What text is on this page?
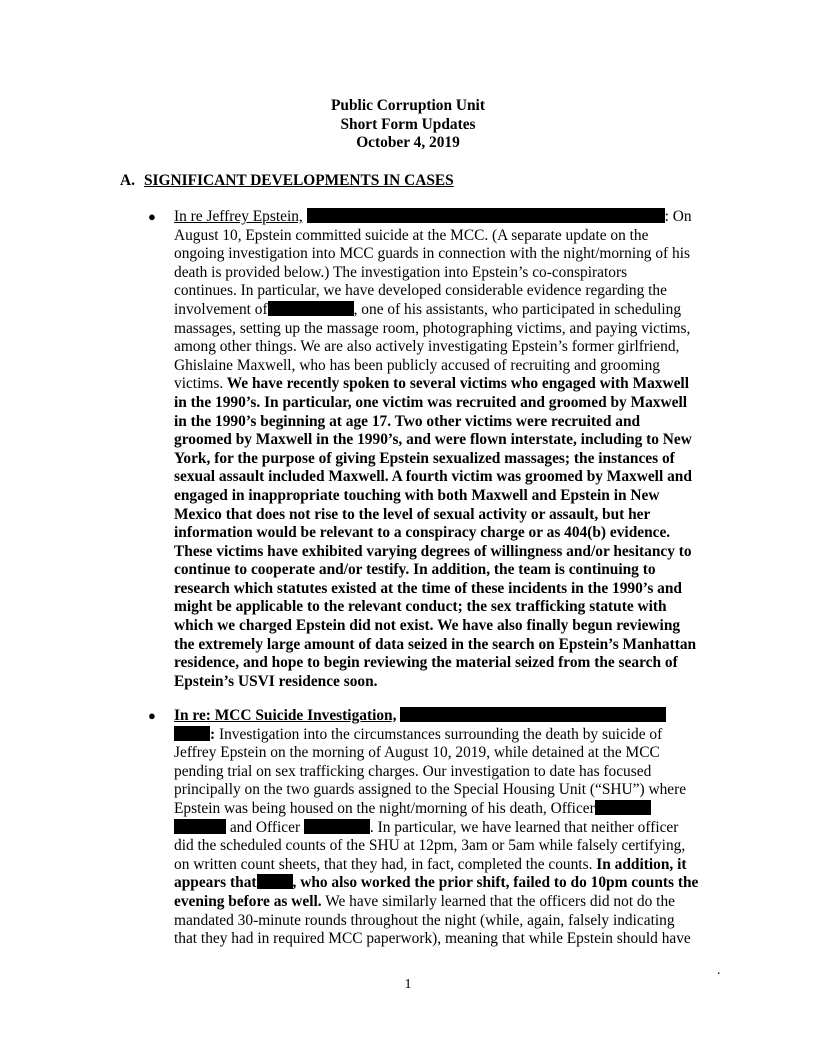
Public Corruption Unit
Short Form Updates
October 4, 2019
A. SIGNIFICANT DEVELOPMENTS IN CASES
● In re Jeffrey Epstein,	: On
August 10, Epstein committed suicide at the MCC. (A separate update on the
ongoing investigation into MCC guards in connection with the night/morning of his
death is provided below.) The investigation into Epstein’s co-conspirators
continues. In particular, we have developed considerable evidence regarding the
involvement of	, one of his assistants, who participated in scheduling
massages, setting up the massage room, photographing victims, and paying victims,
among other things. We are also actively investigating Epstein’s former girlfriend,
Ghislaine Maxwell, who has been publicly accused of recruiting and grooming
victims. We have recently spoken to several victims who engaged with Maxwell
in the 1990’s. In particular, one victim was recruited and groomed by Maxwell
in the 1990’s beginning at age 17. Two other victims were recruited and
groomed by Maxwell in the 1990’s, and were flown interstate, including to New
York, for the purpose of giving Epstein sexualized massages; the instances of
sexual assault included Maxwell. A fourth victim was groomed by Maxwell and
engaged in inappropriate touching with both Maxwell and Epstein in New
Mexico that does not rise to the level of sexual activity or assault, but her
information would be relevant to a conspiracy charge or as 404(b) evidence.
These victims have exhibited varying degrees of willingness and/or hesitancy to
continue to cooperate and/or testify. In addition, the team is continuing to
research which statutes existed at the time of these incidents in the 1990’s and
might be applicable to the relevant conduct; the sex trafficking statute with
which we charged Epstein did not exist. We have also finally begun reviewing
the extremely large amount of data seized in the search on Epstein’s Manhattan
residence, and hope to begin reviewing the material seized from the search of
Epstein’s USVI residence soon.
● In re: MCC Suicide Investigation,
: Investigation into the circumstances surrounding the death by suicide of
Jeffrey Epstein on the morning of August 10, 2019, while detained at the MCC
pending trial on sex trafficking charges. Our investigation to date has focused
principally on the two guards assigned to the Special Housing Unit (“SHU”) where
Epstein was being housed on the night/morning of his death, Officer
and Officer	. In particular, we have learned that neither officer
did the scheduled counts of the SHU at 12pm, 3am or 5am while falsely certifying,
on written count sheets, that they had, in fact, completed the counts. In addition, it
appears that , who also worked the prior shift, failed to do 10pm counts the
evening before as well. We have similarly learned that the officers did not do the
mandated 30-minute rounds throughout the night (while, again, falsely indicating
that they had in required MCC paperwork), meaning that while Epstein should have
.
1
